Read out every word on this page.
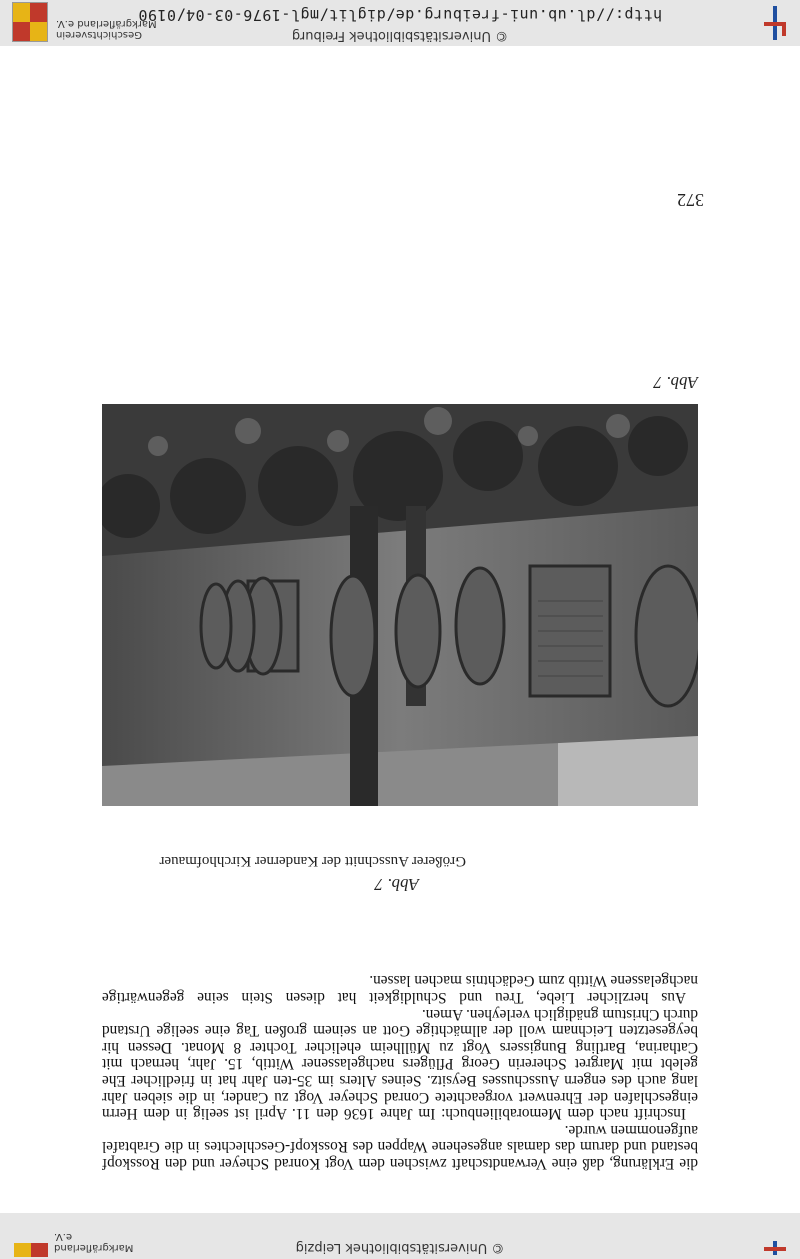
http://dl.ub.uni-freiburg.de/diglit/mgl-1976-03-04/0190
© Universitätsbibliothek Freiburg
Geschichtsverein
Markgräflerland e.V.
© Universitätsbibliothek Leipzig
Markgräflerland e.V.
372
Abb. 7
Abb. 7
Größerer Ausschnitt der Kanderner Kirchhofmauer

die Erklärung, daß eine Verwandtschaft zwischen dem Vogt Konrad Scheyer und den Rosskopf bestand und darum das damals angesehene Wappen des Rosskopf-Geschlechtes in die Grabtafel aufgenommen wurde.

Inschrift nach dem Memorabilienbuch: Im Jahre 1636 den 11. April ist seelig in dem Herrn eingeschlafen der Ehrenwert vorgeachtete Conrad Scheyer Vogt zu Cander, in die sieben Jahr lang auch des engern Ausschusses Beysitz. Seines Alters im 35-ten Jahr hat in friedlicher Ehe gelebt mit Margret Schererin Georg Pflügers nachgelassener Wittib, 15. Jahr, hernach mit Catharina, Bartling Bungissers Vogt zu Müllheim ehelicher Tochter 8 Monat. Dessen hir beygesetzten Leichnam woll der allmächtige Gott an seinem großen Tag eine seelige Urstand durch Christum gnädiglich verleyhen. Amen.

Aus herzlicher Liebe, Treu und Schuldigkeit hat diesen Stein seine gegenwärtige nachgelassene Wittib zum Gedächtnis machen lassen.
